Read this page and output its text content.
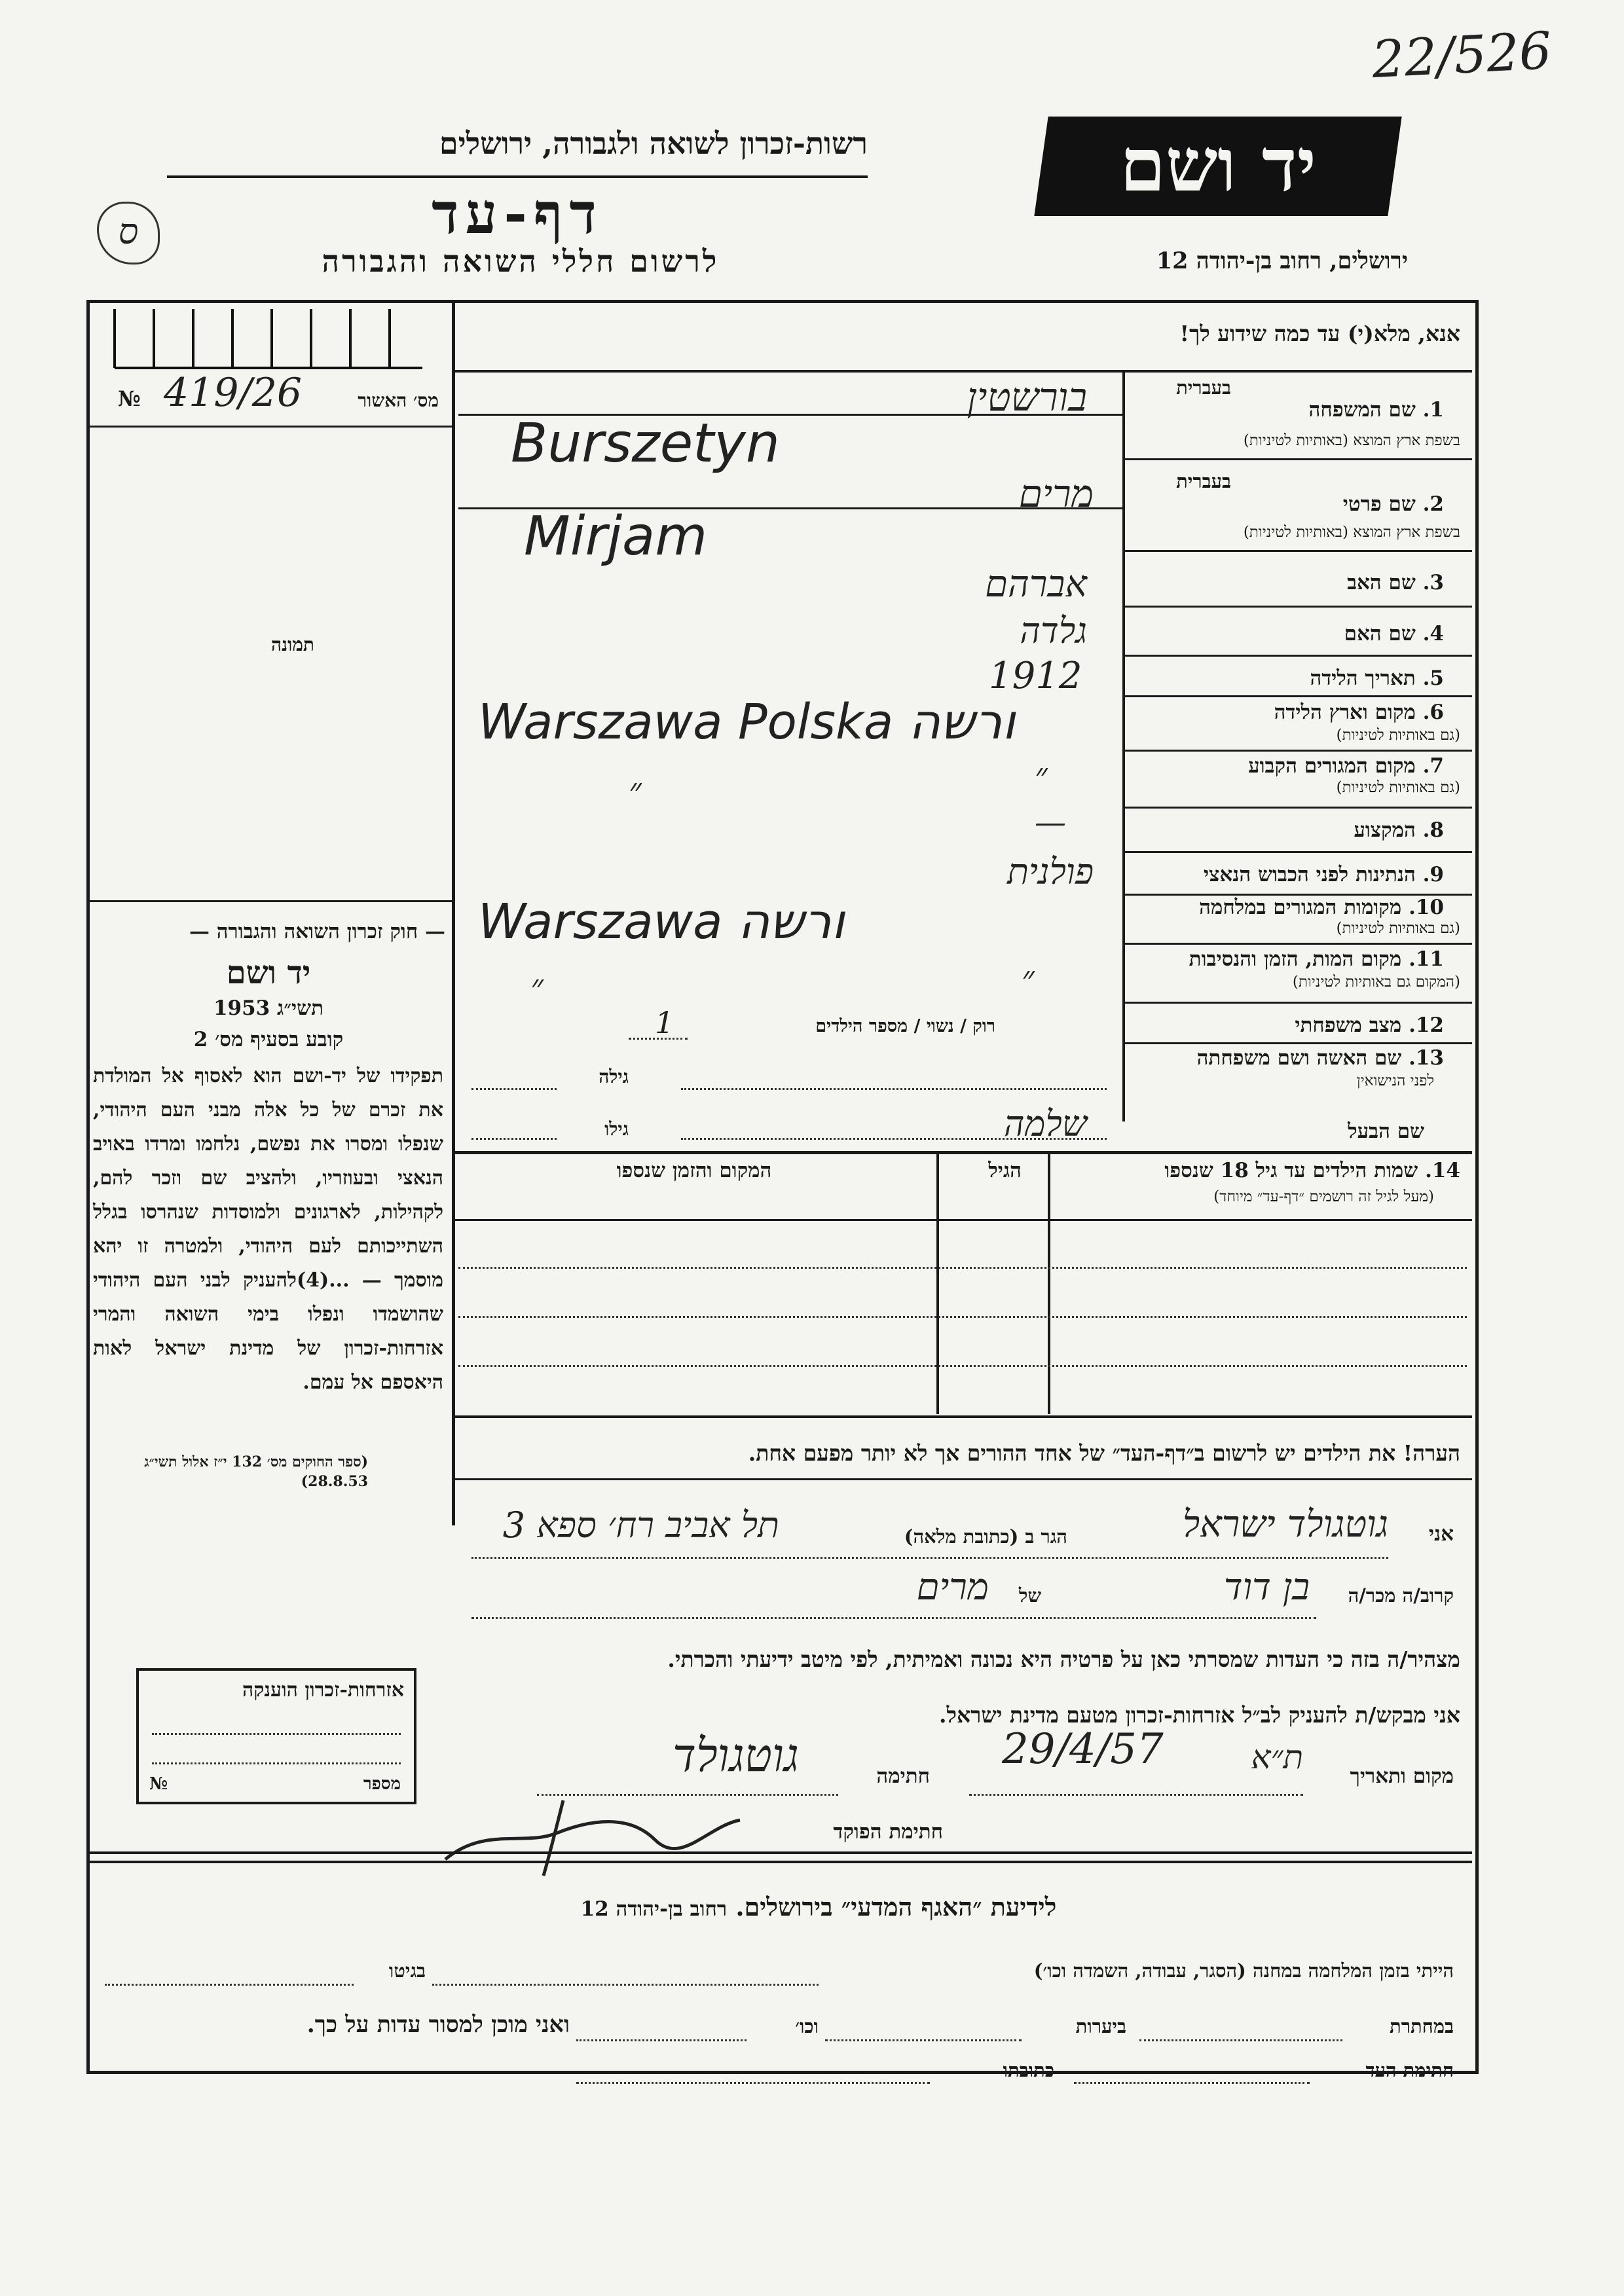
22/526
רשות-זכרון לשואה ולגבורה, ירושלים
דף-עד
לרשום חללי השואה והגבורה
ס
יד ושם
ירושלים, רחוב בן-יהודה 12
אנא, מלא(י) עד כמה שידוע לך!
№ 419/26	מס׳ האשור
תמונה
— חוק זכרון השואה והגבורה —
יד ושם
תשי״ג 1953
קובע בסעיף מס׳ 2
תפקידו של יד-ושם הוא לאסוף אל המולדת את זכרם של כל אלה מבני העם היהודי, שנפלו ומסרו את נפשם, נלחמו ומרדו באויב הנאצי ובעוזריו, ולהציב שם וזכר להם, לקהילות, לארגונים ולמוסדות שנהרסו בגלל השתייכותם לעם היהודי, ולמטרה זו יהא מוסמך — ...(4)להעניק לבני העם היהודי שהושמדו ונפלו בימי השואה והמרי אזרחות-זכרון של מדינת ישראל לאות היאספם אל עמם.
(ספר החוקים מס׳ 132 י״ז אלול תשי״ג 28.8.53)
1. שם המשפחה
בשפת ארץ המוצא (באותיות לטיניות)
בעברית
2. שם פרטי
בשפת ארץ המוצא (באותיות לטיניות)
בעברית
3. שם האב
4. שם האם
5. תאריך הלידה
6. מקום וארץ הלידה
(גם באותיות לטיניות)
7. מקום המגורים הקבוע
(גם באותיות לטיניות)
8. המקצוע
9. הנתינות לפני הכבוש הנאצי
10. מקומות המגורים במלחמה
(גם באותיות לטיניות)
11. מקום המות, הזמן והנסיבות
(המקום גם באותיות לטיניות)
12. מצב משפחתי
13. שם האשה ושם משפחתה
לפני הנישואין
שם הבעל
בורשטין
Burszetyn
מרים
Mirjam
אברהם
גלדה
1912
Warszawa Polska ורשה
״
״
—
פולנית
Warszawa ורשה
״
״
רוק / נשוי / מספר הילדים
1
גילה
שלמה
גילו
14. שמות הילדים עד גיל 18 שנספו
(מעל לגיל זה רושמים ״דף-עד״ מיוחד)
הגיל
המקום והזמן שנספו
הערה! את הילדים יש לרשום ב״דף-העד״ של אחד ההורים אך לא יותר מפעם אחת.
אני
גוטגולד ישראל
הגר ב (כתובת מלאה)
תל אביב רח׳ ספא 3
קרוב/ה מכר/ה
בן דוד
של
מרים
מצהיר/ה בזה כי העדות שמסרתי כאן על פרטיה היא נכונה ואמיתית, לפי מיטב ידיעתי והכרתי.
אני מבקש/ת להעניק לב״ל אזרחות-זכרון מטעם מדינת ישראל.
מקום ותאריך
ת״א
29/4/57
חתימה
גוטגולד
חתימת הפוקד
אזרחות-זכרון הוענקה
מספר
№
לידיעת ״האגף המדעי״ בירושלים. רחוב בן-יהודה 12
הייתי בזמן המלחמה במחנה (הסגר, עבודה, השמדה וכו׳)
בגיטו
במחתרת
ביערות
וכו׳
ואני מוכן למסור עדות על כך.
חתימת העד
כתובתו
